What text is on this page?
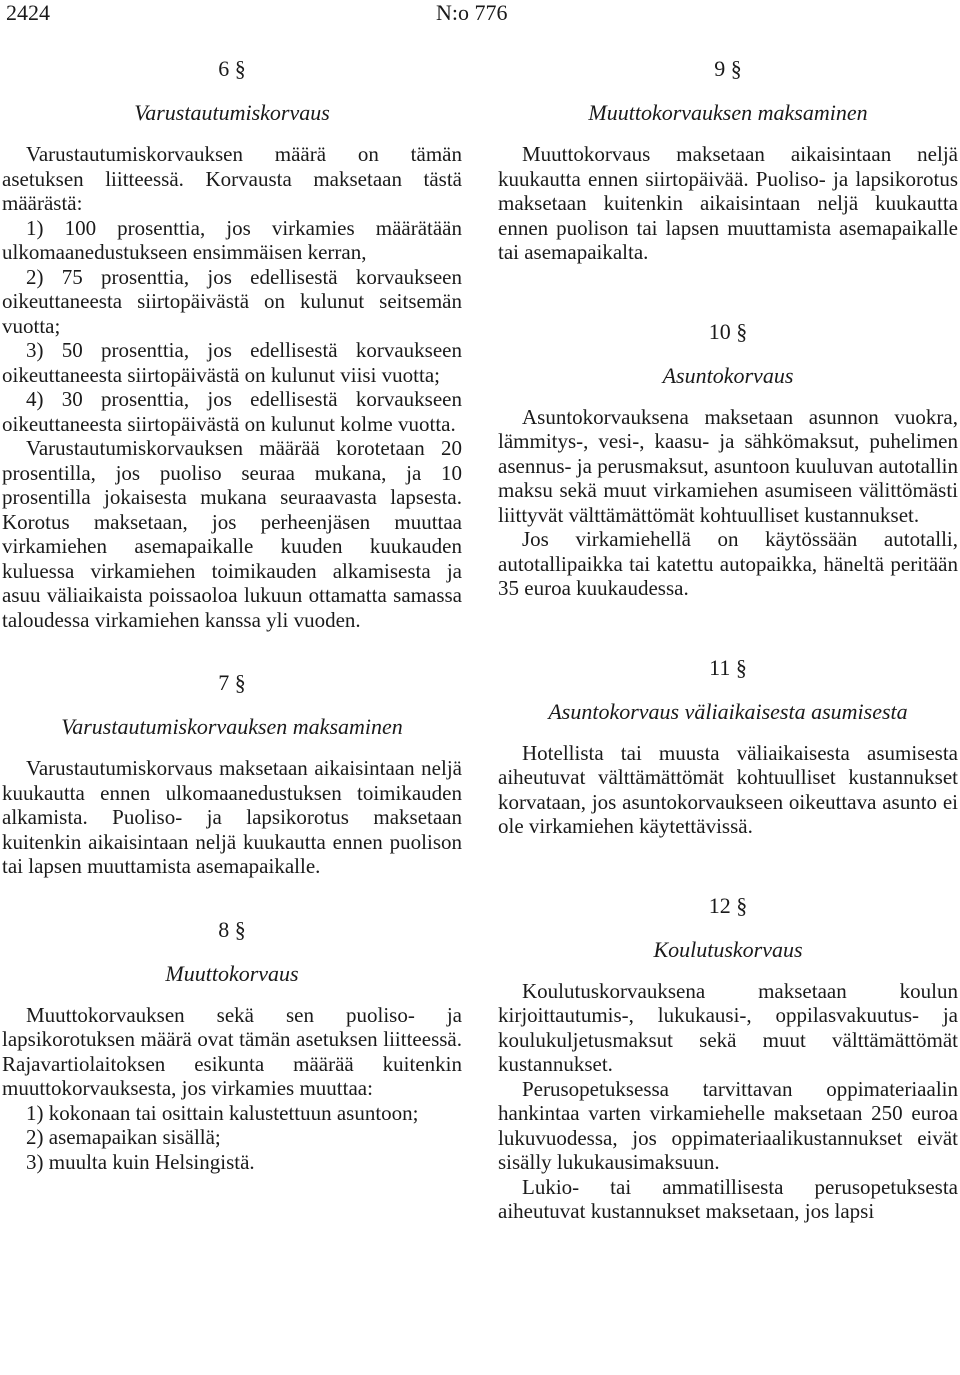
2424	N:o 776

6 §

Varustautumiskorvaus

Varustautumiskorvauksen määrä on tämän asetuksen liitteessä. Korvausta maksetaan tästä määrästä:

1) 100 prosenttia, jos virkamies määrätään ulkomaanedustukseen ensimmäisen kerran,

2) 75 prosenttia, jos edellisestä korvaukseen oikeuttaneesta siirtopäivästä on kulunut seitsemän vuotta;

3) 50 prosenttia, jos edellisestä korvaukseen oikeuttaneesta siirtopäivästä on kulunut viisi vuotta;

4) 30 prosenttia, jos edellisestä korvaukseen oikeuttaneesta siirtopäivästä on kulunut kolme vuotta.

Varustautumiskorvauksen määrää korotetaan 20 prosentilla, jos puoliso seuraa mukana, ja 10 prosentilla jokaisesta mukana seuraavasta lapsesta. Korotus maksetaan, jos perheenjäsen muuttaa virkamiehen asemapaikalle kuuden kuukauden kuluessa virkamiehen toimikauden alkamisesta ja asuu väliaikaista poissaoloa lukuun ottamatta samassa taloudessa virkamiehen kanssa yli vuoden.

7 §

Varustautumiskorvauksen maksaminen

Varustautumiskorvaus maksetaan aikaisintaan neljä kuukautta ennen ulkomaanedustuksen toimikauden alkamista. Puoliso- ja lapsikorotus maksetaan kuitenkin aikaisintaan neljä kuukautta ennen puolison tai lapsen muuttamista asemapaikalle.

8 §

Muuttokorvaus

Muuttokorvauksen sekä sen puoliso- ja lapsikorotuksen määrä ovat tämän asetuksen liitteessä. Rajavartiolaitoksen esikunta määrää kuitenkin muuttokorvauksesta, jos virkamies muuttaa:

1) kokonaan tai osittain kalustettuun asuntoon;

2) asemapaikan sisällä;

3) muulta kuin Helsingistä.

9 §

Muuttokorvauksen maksaminen

Muuttokorvaus maksetaan aikaisintaan neljä kuukautta ennen siirtopäivää. Puoliso- ja lapsikorotus maksetaan kuitenkin aikaisintaan neljä kuukautta ennen puolison tai lapsen muuttamista asemapaikalle tai asemapaikalta.

10 §

Asuntokorvaus

Asuntokorvauksena maksetaan asunnon vuokra, lämmitys-, vesi-, kaasu- ja sähkömaksut, puhelimen asennus- ja perusmaksut, asuntoon kuuluvan autotallin maksu sekä muut virkamiehen asumiseen välittömästi liittyvät välttämättömät kohtuulliset kustannukset.

Jos virkamiehellä on käytössään autotalli, autotallipaikka tai katettu autopaikka, häneltä peritään 35 euroa kuukaudessa.

11 §

Asuntokorvaus väliaikaisesta asumisesta

Hotellista tai muusta väliaikaisesta asumisesta aiheutuvat välttämättömät kohtuulliset kustannukset korvataan, jos asuntokorvaukseen oikeuttava asunto ei ole virkamiehen käytettävissä.

12 §

Koulutuskorvaus

Koulutuskorvauksena maksetaan koulun kirjoittautumis-, lukukausi-, oppilasvakuutus- ja koulukuljetusmaksut sekä muut välttämättömät kustannukset.

Perusopetuksessa tarvittavan oppimateriaalin hankintaa varten virkamiehelle maksetaan 250 euroa lukuvuodessa, jos oppimateriaalikustannukset eivät sisälly lukukausimaksuun.

Lukio- tai ammatillisesta perusopetuksesta aiheutuvat kustannukset maksetaan, jos lapsi
